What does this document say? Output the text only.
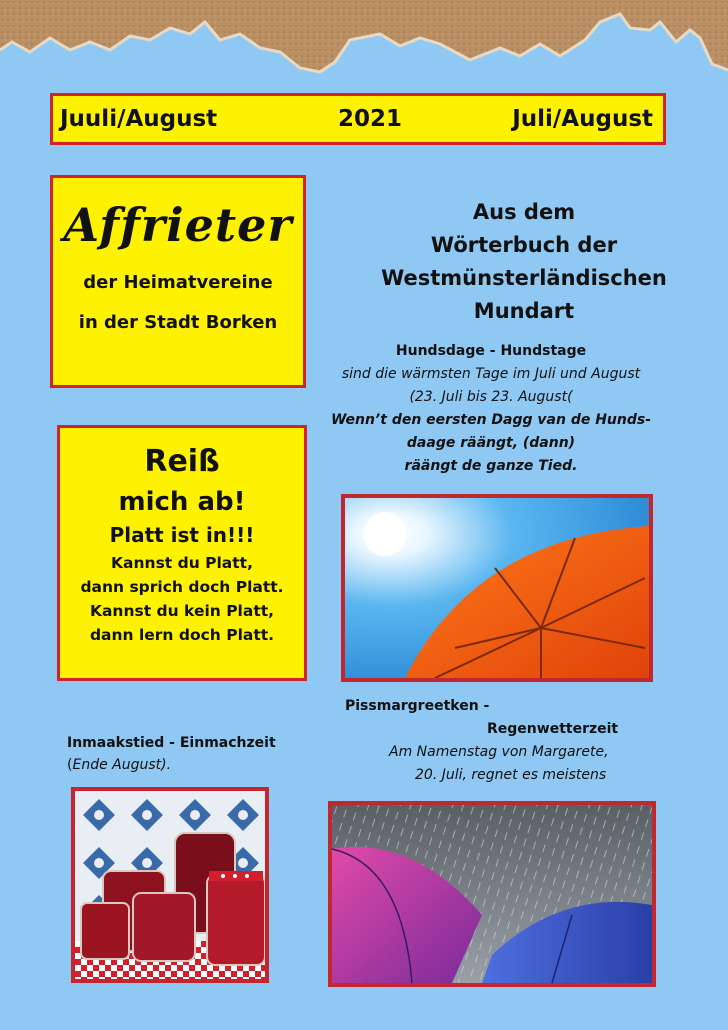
Juuli/August	2021	Juli/August
Affrieter
der Heimatvereine
in der Stadt Borken
Reiß
mich ab!
Platt ist in!!!
Kannst du Platt,
dann sprich doch Platt.
Kannst du kein Platt,
dann lern doch Platt.
Aus dem
Wörterbuch der
Westmünsterländischen
Mundart
Hundsdage - Hundstage
sind die wärmsten Tage im Juli und August
(23. Juli bis 23. August(
Wenn’t den eersten Dagg van de Hunds-
daage räängt, (dann)
räängt de ganze Tied.
Pissmargreetken -
Regenwetterzeit
Am Namenstag von Margarete,
20. Juli, regnet es meistens
Inmaakstied - Einmachzeit
(Ende August).
